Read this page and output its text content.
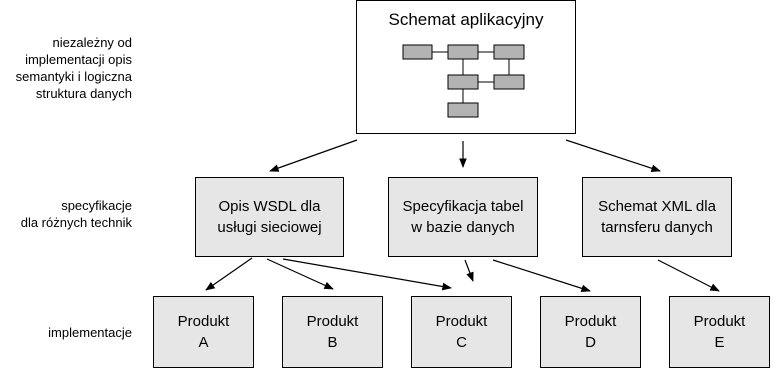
niezależny od
implementacji opis
semantyki i logiczna
struktura danych
specyfikacje
dla różnych technik
implementacje
Schemat aplikacyjny
Opis WSDL dla
usługi sieciowej
Specyfikacja tabel
w bazie danych
Schemat XML dla
tarnsferu danych
Produkt
A
Produkt
B
Produkt
C
Produkt
D
Produkt
E
